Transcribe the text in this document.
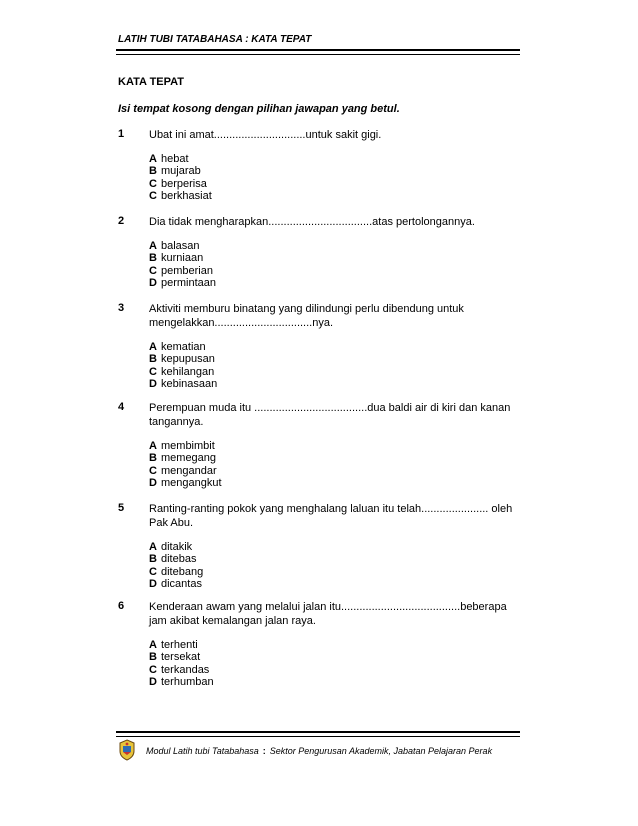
LATIH TUBI TATABAHASA : KATA TEPAT
KATA TEPAT
Isi tempat kosong dengan pilihan jawapan yang betul.
1 Ubat ini amat..............................untuk sakit gigi.
A hebat
B mujarab
C berperisa
C berkhasiat
2 Dia tidak mengharapkan..................................atas pertolongannya.
A balasan
B kurniaan
C pemberian
D permintaan
3 Aktiviti memburu binatang yang dilindungi perlu dibendung untuk mengelakkan................................nya.
A kematian
B kepupusan
C kehilangan
D kebinasaan
4 Perempuan muda itu .....................................dua baldi air di kiri dan kanan tangannya.
A membimbit
B memegang
C mengandar
D mengangkut
5 Ranting-ranting pokok yang menghalang laluan itu telah...................... oleh Pak Abu.
A ditakik
B ditebas
C ditebang
D dicantas
6 Kenderaan awam yang melalui jalan itu.......................................beberapa jam akibat kemalangan jalan raya.
A terhenti
B tersekat
C terkandas
D terhumban
Modul Latih tubi Tatabahasa : Sektor Pengurusan Akademik, Jabatan Pelajaran Perak
